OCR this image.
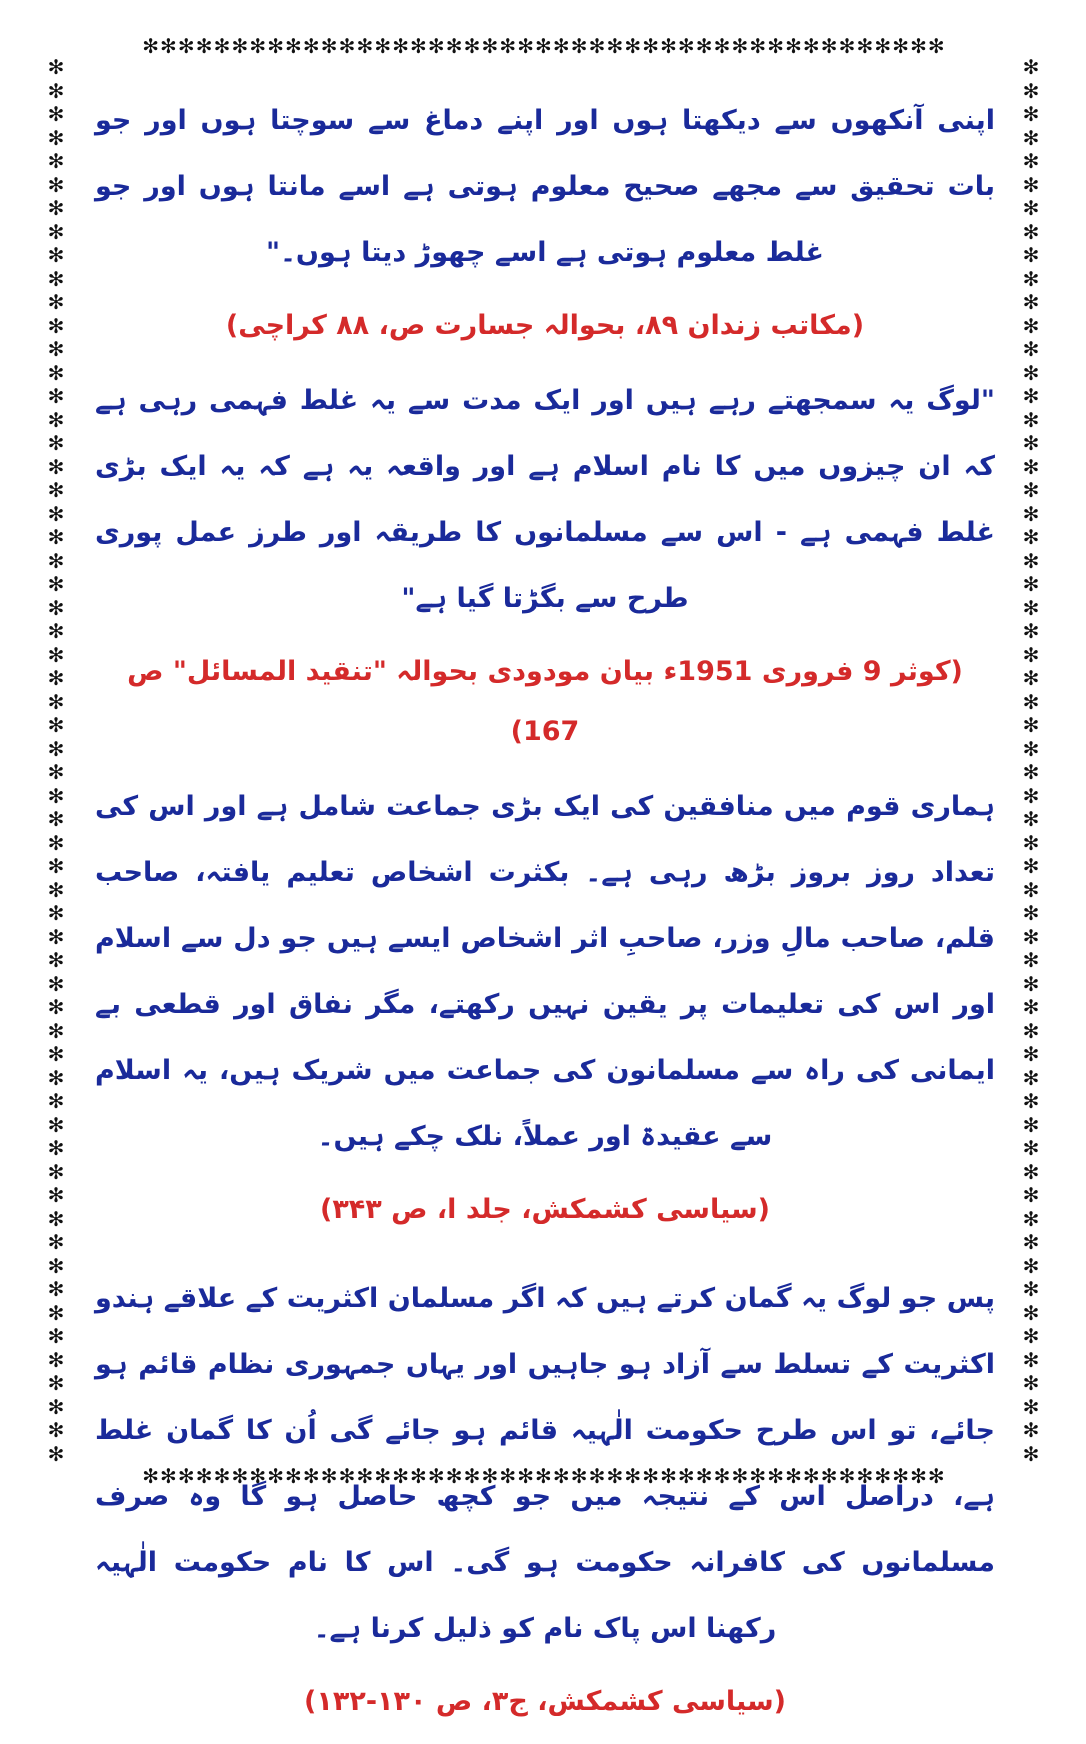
✻✻✻✻✻✻✻✻✻✻✻✻✻✻✻✻✻✻✻✻✻✻✻✻✻✻✻✻✻✻✻✻✻✻✻✻✻✻✻✻✻✻✻✻✻
✻✻✻✻✻✻✻✻✻✻✻✻✻✻✻✻✻✻✻✻✻✻✻✻✻✻✻✻✻✻✻✻✻✻✻✻✻✻✻✻✻✻✻✻✻
✻✻✻✻✻✻✻✻✻✻✻✻✻✻✻✻✻✻✻✻✻✻✻✻✻✻✻✻✻✻✻✻✻✻✻✻✻✻✻✻✻✻✻✻✻✻✻✻✻✻✻✻✻✻✻✻✻✻✻✻
✻✻✻✻✻✻✻✻✻✻✻✻✻✻✻✻✻✻✻✻✻✻✻✻✻✻✻✻✻✻✻✻✻✻✻✻✻✻✻✻✻✻✻✻✻✻✻✻✻✻✻✻✻✻✻✻✻✻✻✻

اپنی آنکھوں سے دیکھتا ہوں اور اپنے دماغ سے سوچتا ہوں اور جو بات تحقیق سے مجھے صحیح معلوم ہوتی ہے اسے مانتا ہوں اور جو غلط معلوم ہوتی ہے اسے چھوڑ دیتا ہوں۔"

(مکاتب زندان ۸۹، بحوالہ جسارت ص، ۸۸ کراچی)

"لوگ یہ سمجھتے رہے ہیں اور ایک مدت سے یہ غلط فہمی رہی ہے کہ ان چیزوں میں کا نام اسلام ہے اور واقعہ یہ ہے کہ یہ ایک بڑی غلط فہمی ہے - اس سے مسلمانوں کا طریقہ اور طرز عمل پوری طرح سے بگڑتا گیا ہے"

(کوثر 9 فروری 1951ء بیان مودودی بحوالہ "تنقید المسائل" ص 167)

ہماری قوم میں منافقین کی ایک بڑی جماعت شامل ہے اور اس کی تعداد روز بروز بڑھ رہی ہے۔ بکثرت اشخاص تعلیم یافتہ، صاحب قلم، صاحب مالِ وزر، صاحبِ اثر اشخاص ایسے ہیں جو دل سے اسلام اور اس کی تعلیمات پر یقین نہیں رکھتے، مگر نفاق اور قطعی بے ایمانی کی راہ سے مسلمانون کی جماعت میں شریک ہیں، یہ اسلام سے عقیدۃ اور عملاً، نلک چکے ہیں۔

(سیاسی کشمکش، جلد ا، ص ۳۴۳)

پس جو لوگ یہ گمان کرتے ہیں کہ اگر مسلمان اکثریت کے علاقے ہندو اکثریت کے تسلط سے آزاد ہو جاہیں اور یہاں جمہوری نظام قائم ہو جائے، تو اس طرح حکومت الٰہیہ قائم ہو جائے گی اُن کا گمان غلط ہے، دراصل اس کے نتیجہ میں جو کچھ حاصل ہو گا وہ صرف مسلمانوں کی کافرانہ حکومت ہو گی۔ اس کا نام حکومت الٰہیہ رکھنا اس پاک نام کو ذلیل کرنا ہے۔

(سیاسی کشمکش، ج۳، ص ۱۳۰-۱۳۲)
